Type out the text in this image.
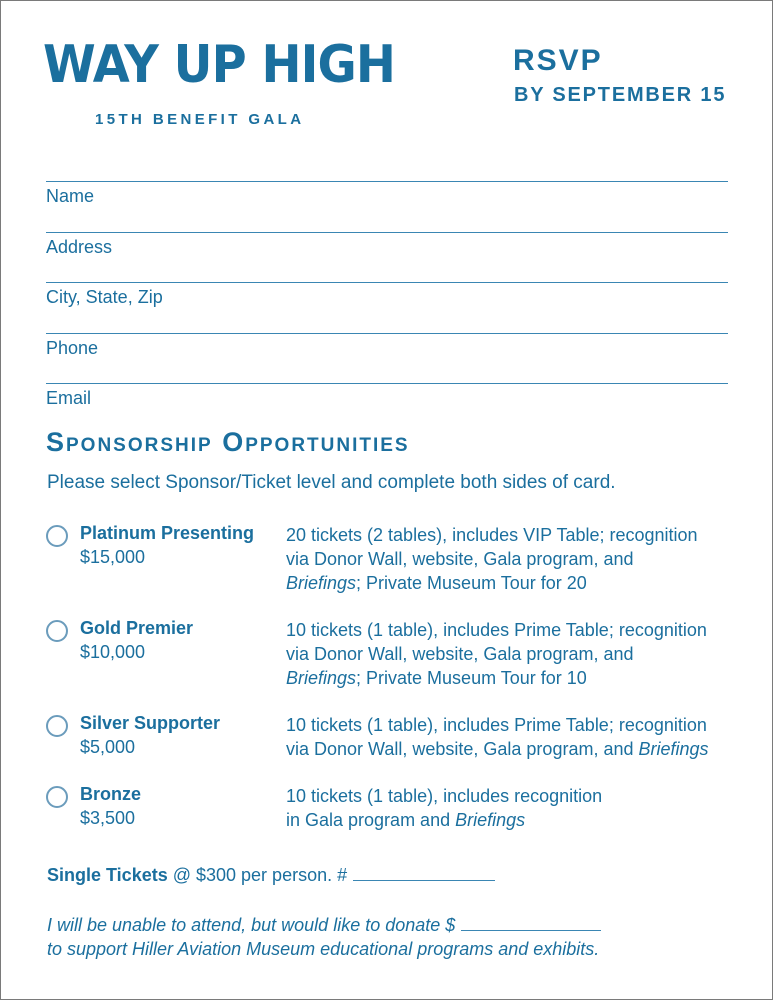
WAY UP HIGH
15TH BENEFIT GALA
RSVP
BY SEPTEMBER 15
Name
Address
City, State, Zip
Phone
Email
Sponsorship Opportunities
Please select Sponsor/Ticket level and complete both sides of card.
Platinum Presenting
$15,000
20 tickets (2 tables), includes VIP Table; recognition
via Donor Wall, website, Gala program, and
Briefings; Private Museum Tour for 20
Gold Premier
$10,000
10 tickets (1 table), includes Prime Table; recognition
via Donor Wall, website, Gala program, and
Briefings; Private Museum Tour for 10
Silver Supporter
$5,000
10 tickets (1 table), includes Prime Table; recognition
via Donor Wall, website, Gala program, and Briefings
Bronze
$3,500
10 tickets (1 table), includes recognition
in Gala program and Briefings
Single Tickets @ $300 per person. #
I will be unable to attend, but would like to donate $
to support Hiller Aviation Museum educational programs and exhibits.
